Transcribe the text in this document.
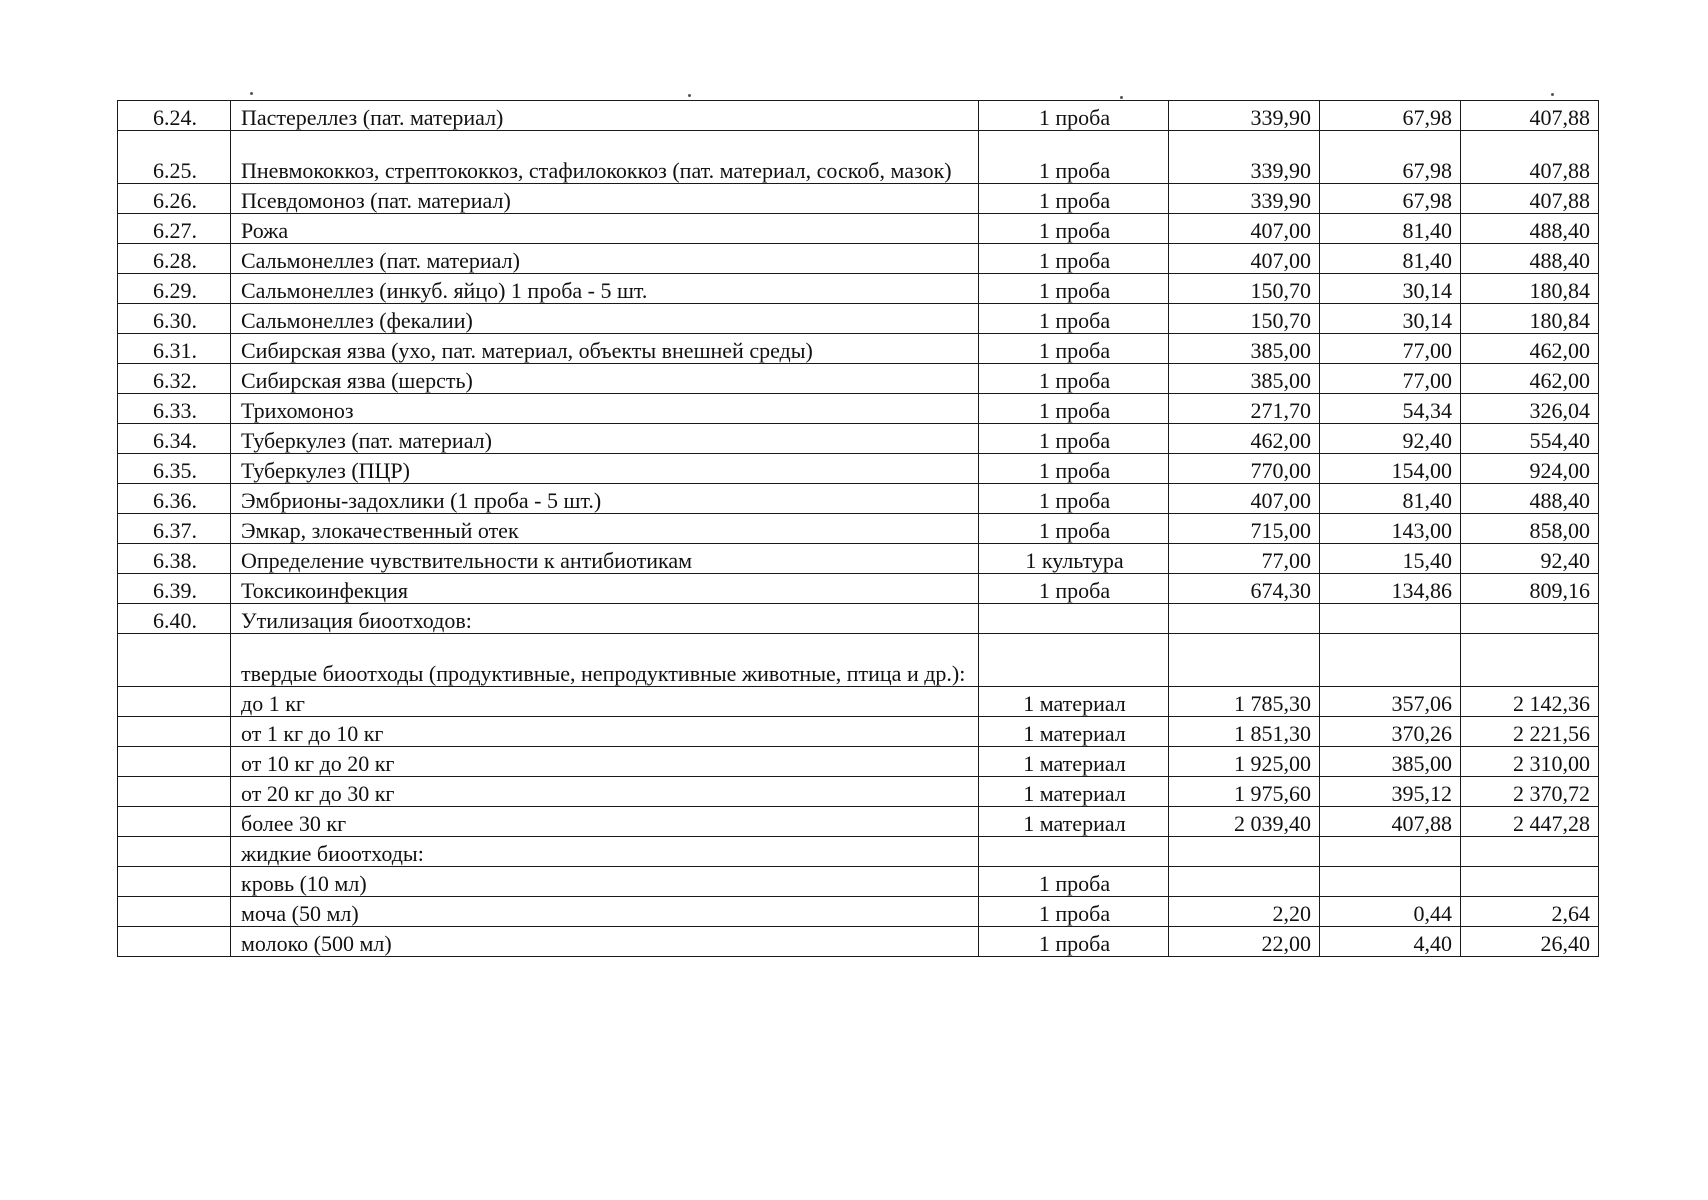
6.24.	Пастереллез (пат. материал)	1 проба	339,90	67,98	407,88
6.25.	Пневмококкоз, стрептококкоз, стафилококкоз (пат. материал, соскоб, мазок)	1 проба	339,90	67,98	407,88
6.26.	Псевдомоноз (пат. материал)	1 проба	339,90	67,98	407,88
6.27.	Рожа	1 проба	407,00	81,40	488,40
6.28.	Сальмонеллез (пат. материал)	1 проба	407,00	81,40	488,40
6.29.	Сальмонеллез (инкуб. яйцо) 1 проба - 5 шт.	1 проба	150,70	30,14	180,84
6.30.	Сальмонеллез (фекалии)	1 проба	150,70	30,14	180,84
6.31.	Сибирская язва (ухо, пат. материал, объекты внешней среды)	1 проба	385,00	77,00	462,00
6.32.	Сибирская язва (шерсть)	1 проба	385,00	77,00	462,00
6.33.	Трихомоноз	1 проба	271,70	54,34	326,04
6.34.	Туберкулез (пат. материал)	1 проба	462,00	92,40	554,40
6.35.	Туберкулез (ПЦР)	1 проба	770,00	154,00	924,00
6.36.	Эмбрионы-задохлики (1 проба - 5 шт.)	1 проба	407,00	81,40	488,40
6.37.	Эмкар, злокачественный отек	1 проба	715,00	143,00	858,00
6.38.	Определение чувствительности к антибиотикам	1 культура	77,00	15,40	92,40
6.39.	Токсикоинфекция	1 проба	674,30	134,86	809,16
6.40.	Утилизация биоотходов:				
	твердые биоотходы (продуктивные, непродуктивные животные, птица и др.):				
	до 1 кг	1 материал	1 785,30	357,06	2 142,36
	от 1 кг до 10 кг	1 материал	1 851,30	370,26	2 221,56
	от 10 кг до 20 кг	1 материал	1 925,00	385,00	2 310,00
	от 20 кг до 30 кг	1 материал	1 975,60	395,12	2 370,72
	более 30 кг	1 материал	2 039,40	407,88	2 447,28
	жидкие биоотходы:				
	кровь (10 мл)	1 проба			
	моча (50 мл)	1 проба	2,20	0,44	2,64
	молоко (500 мл)	1 проба	22,00	4,40	26,40
